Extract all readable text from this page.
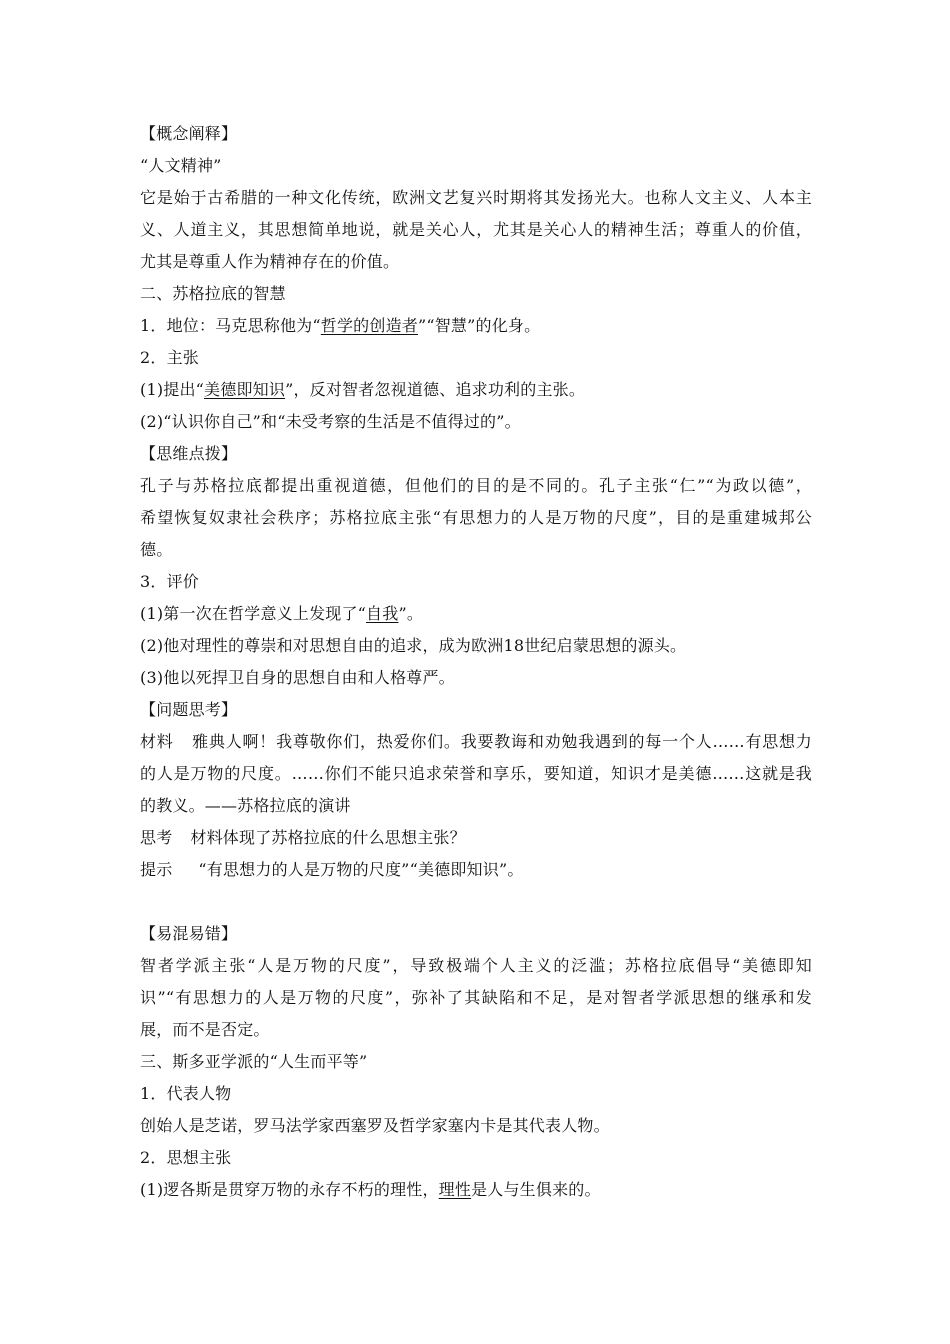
【概念阐释】
“人文精神”
它是始于古希腊的一种文化传统，欧洲文艺复兴时期将其发扬光大。也称人文主义、人本主
义、人道主义，其思想简单地说，就是关心人，尤其是关心人的精神生活；尊重人的价值，
尤其是尊重人作为精神存在的价值。
二、苏格拉底的智慧
1．地位：马克思称他为“哲学的创造者”“智慧”的化身。
2．主张
(1)提出“美德即知识”，反对智者忽视道德、追求功利的主张。
(2)“认识你自己”和“未受考察的生活是不值得过的”。
【思维点拨】
孔子与苏格拉底都提出重视道德，但他们的目的是不同的。孔子主张“仁”“为政以德”，
希望恢复奴隶社会秩序；苏格拉底主张“有思想力的人是万物的尺度”，目的是重建城邦公
德。
3．评价
(1)第一次在哲学意义上发现了“自我”。
(2)他对理性的尊崇和对思想自由的追求，成为欧洲18世纪启蒙思想的源头。
(3)他以死捍卫自身的思想自由和人格尊严。
【问题思考】
材料 雅典人啊！我尊敬你们，热爱你们。我要教诲和劝勉我遇到的每一个人……有思想力
的人是万物的尺度。……你们不能只追求荣誉和享乐，要知道，知识才是美德……这就是我
的教义。——苏格拉底的演讲
思考 材料体现了苏格拉底的什么思想主张？
提示 “有思想力的人是万物的尺度”“美德即知识”。
【易混易错】
智者学派主张“人是万物的尺度”，导致极端个人主义的泛滥；苏格拉底倡导“美德即知
识”“有思想力的人是万物的尺度”，弥补了其缺陷和不足，是对智者学派思想的继承和发
展，而不是否定。
三、斯多亚学派的“人生而平等”
1．代表人物
创始人是芝诺，罗马法学家西塞罗及哲学家塞内卡是其代表人物。
2．思想主张
(1)逻各斯是贯穿万物的永存不朽的理性，理性是人与生俱来的。
